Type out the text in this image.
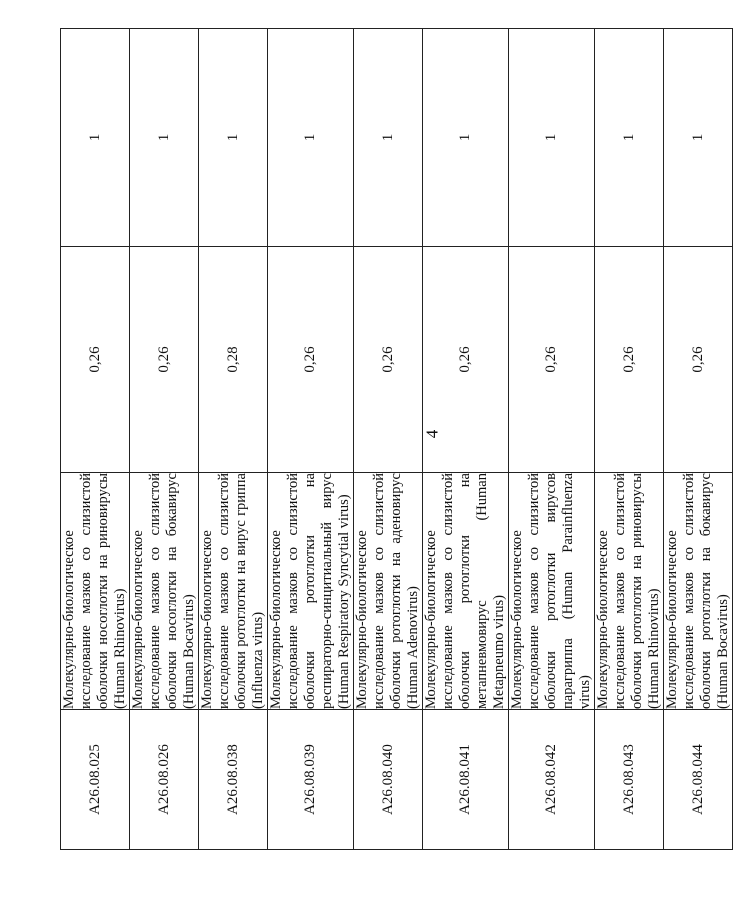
4
A26.08.025	Молекулярно-биологическое исследование мазков со слизистой оболочки носоглотки на риновирусы (Human Rhinovirus)	0,26	1
A26.08.026	Молекулярно-биологическое исследование мазков со слизистой оболочки носоглотки на бокавирус (Human Bocavirus)	0,26	1
A26.08.038	Молекулярно-биологическое исследование мазков со слизистой оболочки ротоглотки на вирус гриппа (Influenza virus)	0,28	1
A26.08.039	Молекулярно-биологическое исследование мазков со слизистой оболочки ротоглотки на респираторно-синцитиальный вирус (Human Respiratory Syncytial virus)	0,26	1
A26.08.040	Молекулярно-биологическое исследование мазков со слизистой оболочки ротоглотки на аденовирус (Human Adenovirus)	0,26	1
A26.08.041	Молекулярно-биологическое исследование мазков со слизистой оболочки ротоглотки на метапневмовирус (Human Metapneumo virus)	0,26	1
A26.08.042	Молекулярно-биологическое исследование мазков со слизистой оболочки ротоглотки вирусов парагриппа (Human Parainfluenza virus)	0,26	1
A26.08.043	Молекулярно-биологическое исследование мазков со слизистой оболочки ротоглотки на риновирусы (Human Rhinovirus)	0,26	1
A26.08.044	Молекулярно-биологическое исследование мазков со слизистой оболочки ротоглотки на бокавирус (Human Bocavirus)	0,26	1
